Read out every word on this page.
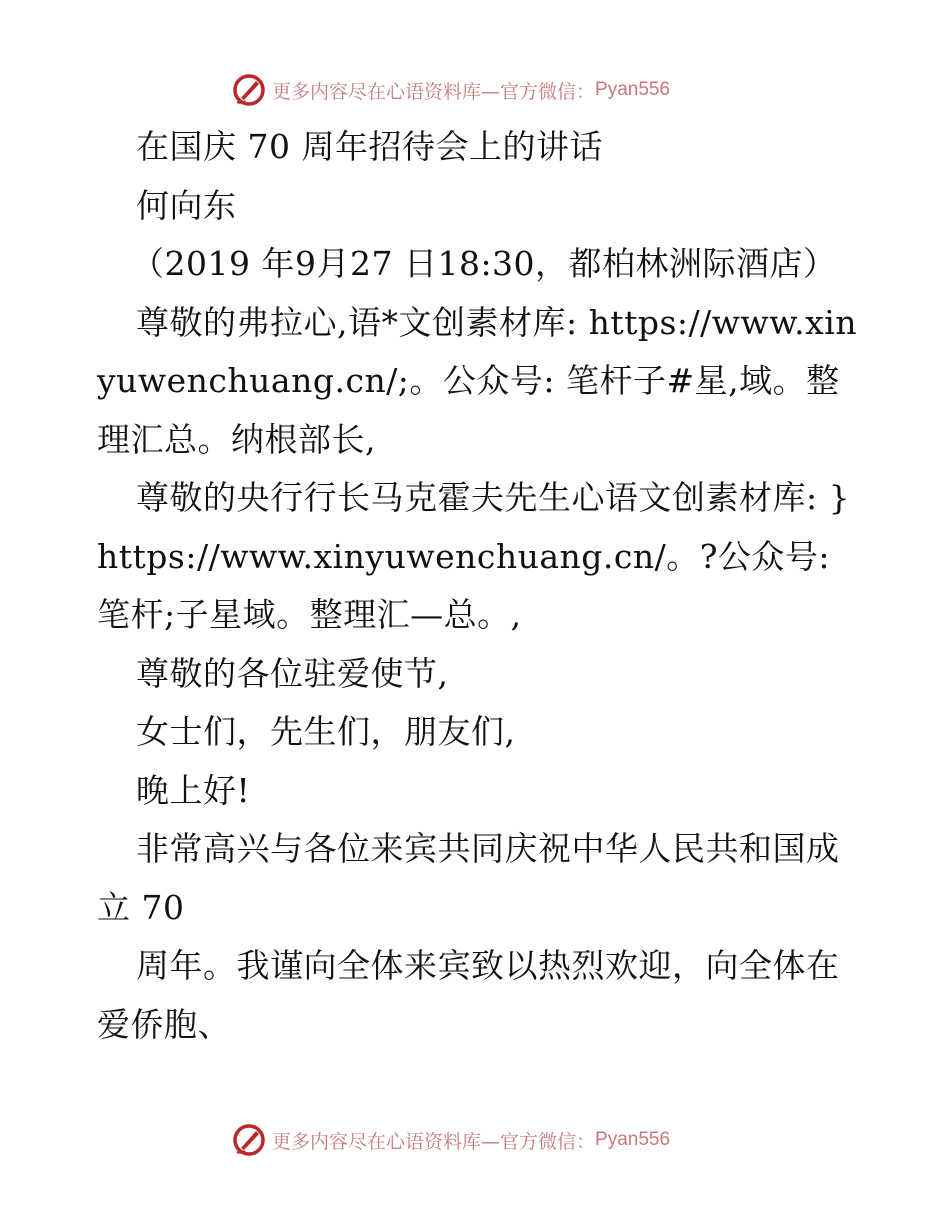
更多内容尽在心语资料库—官方微信： Pyan556

在国庆 70 周年招待会上的讲话

何向东

（2019 年9月27 日18:30，都柏林洲际酒店）

尊敬的弗拉心,语*文创素材库: https://www.xinyuwenchuang.cn/;。公众号: 笔杆子#星,域。整理汇总。纳根部长,

尊敬的央行行长马克霍夫先生心语文创素材库: }https://www.xinyuwenchuang.cn/。?公众号: 笔杆;子星域。整理汇—总。,

尊敬的各位驻爱使节,

女士们，先生们，朋友们,

晚上好!

非常高兴与各位来宾共同庆祝中华人民共和国成立 70

周年。我谨向全体来宾致以热烈欢迎，向全体在爱侨胞、

更多内容尽在心语资料库—官方微信： Pyan556
